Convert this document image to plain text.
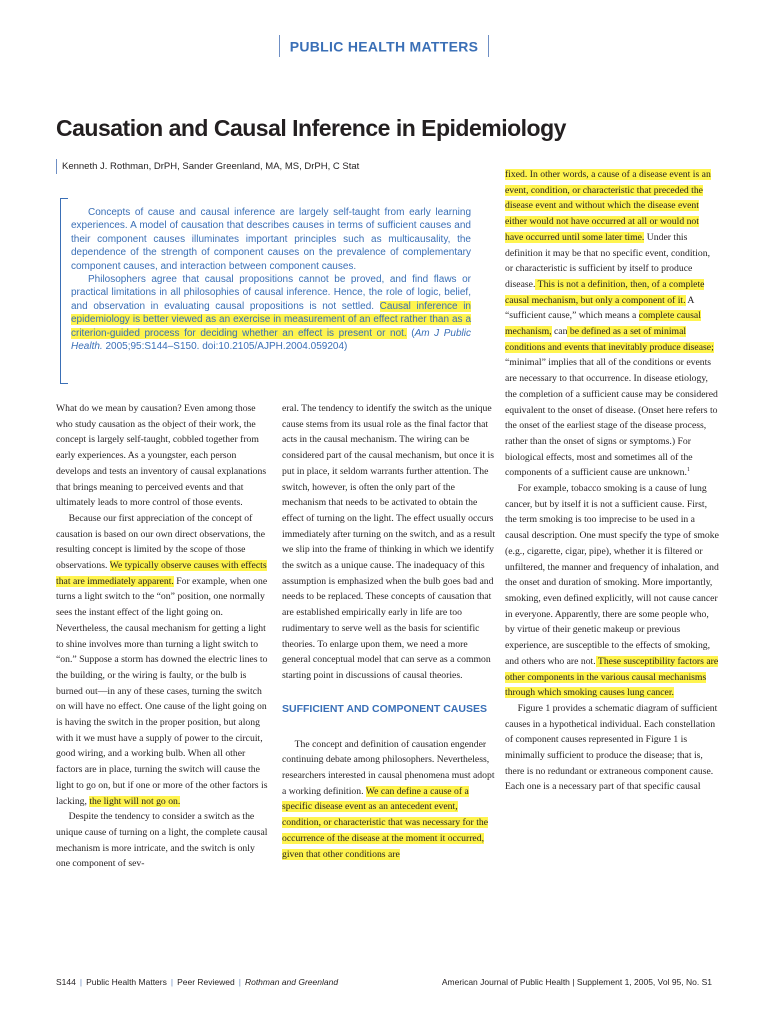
PUBLIC HEALTH MATTERS
Causation and Causal Inference in Epidemiology
Kenneth J. Rothman, DrPH, Sander Greenland, MA, MS, DrPH, C Stat

Concepts of cause and causal inference are largely self-taught from early learning experiences. A model of causation that describes causes in terms of sufficient causes and their component causes illuminates important principles such as multicausality, the dependence of the strength of component causes on the prevalence of complementary component causes, and interaction between component causes.

Philosophers agree that causal propositions cannot be proved, and find flaws or practical limitations in all philosophies of causal inference. Hence, the role of logic, belief, and observation in evaluating causal propositions is not settled. Causal inference in epidemiology is better viewed as an exercise in measurement of an effect rather than as a criterion-guided process for deciding whether an effect is present or not. (Am J Public Health. 2005;95:S144–S150. doi:10.2105/AJPH.2004.059204)

What do we mean by causation? Even among those who study causation as the object of their work, the concept is largely self-taught, cobbled together from early experiences. As a youngster, each person develops and tests an inventory of causal explanations that brings meaning to perceived events and that ultimately leads to more control of those events.

Because our first appreciation of the concept of causation is based on our own direct observations, the resulting concept is limited by the scope of those observations. We typically observe causes with effects that are immediately apparent. For example, when one turns a light switch to the “on” position, one normally sees the instant effect of the light going on. Nevertheless, the causal mechanism for getting a light to shine involves more than turning a light switch to “on.” Suppose a storm has downed the electric lines to the building, or the wiring is faulty, or the bulb is burned out—in any of these cases, turning the switch on will have no effect. One cause of the light going on is having the switch in the proper position, but along with it we must have a supply of power to the circuit, good wiring, and a working bulb. When all other factors are in place, turning the switch will cause the light to go on, but if one or more of the other factors is lacking, the light will not go on.

Despite the tendency to consider a switch as the unique cause of turning on a light, the complete causal mechanism is more intricate, and the switch is only one component of sev-

eral. The tendency to identify the switch as the unique cause stems from its usual role as the final factor that acts in the causal mechanism. The wiring can be considered part of the causal mechanism, but once it is put in place, it seldom warrants further attention. The switch, however, is often the only part of the mechanism that needs to be activated to obtain the effect of turning on the light. The effect usually occurs immediately after turning on the switch, and as a result we slip into the frame of thinking in which we identify the switch as a unique cause. The inadequacy of this assumption is emphasized when the bulb goes bad and needs to be replaced. These concepts of causation that are established empirically early in life are too rudimentary to serve well as the basis for scientific theories. To enlarge upon them, we need a more general conceptual model that can serve as a common starting point in discussions of causal theories.

SUFFICIENT AND COMPONENT CAUSES

The concept and definition of causation engender continuing debate among philosophers. Nevertheless, researchers interested in causal phenomena must adopt a working definition. We can define a cause of a specific disease event as an antecedent event, condition, or characteristic that was necessary for the occurrence of the disease at the moment it occurred, given that other conditions are

fixed. In other words, a cause of a disease event is an event, condition, or characteristic that preceded the disease event and without which the disease event either would not have occurred at all or would not have occurred until some later time. Under this definition it may be that no specific event, condition, or characteristic is sufficient by itself to produce disease. This is not a definition, then, of a complete causal mechanism, but only a component of it. A “sufficient cause,” which means a complete causal mechanism, can be defined as a set of minimal conditions and events that inevitably produce disease; “minimal” implies that all of the conditions or events are necessary to that occurrence. In disease etiology, the completion of a sufficient cause may be considered equivalent to the onset of disease. (Onset here refers to the onset of the earliest stage of the disease process, rather than the onset of signs or symptoms.) For biological effects, most and sometimes all of the components of a sufficient cause are unknown.$^1$

For example, tobacco smoking is a cause of lung cancer, but by itself it is not a sufficient cause. First, the term smoking is too imprecise to be used in a causal description. One must specify the type of smoke (e.g., cigarette, cigar, pipe), whether it is filtered or unfiltered, the manner and frequency of inhalation, and the onset and duration of smoking. More importantly, smoking, even defined explicitly, will not cause cancer in everyone. Apparently, there are some people who, by virtue of their genetic makeup or previous experience, are susceptible to the effects of smoking, and others who are not. These susceptibility factors are other components in the various causal mechanisms through which smoking causes lung cancer.

Figure 1 provides a schematic diagram of sufficient causes in a hypothetical individual. Each constellation of component causes represented in Figure 1 is minimally sufficient to produce the disease; that is, there is no redundant or extraneous component cause. Each one is a necessary part of that specific causal

S144 | Public Health Matters | Peer Reviewed | Rothman and Greenland	American Journal of Public Health | Supplement 1, 2005, Vol 95, No. S1
